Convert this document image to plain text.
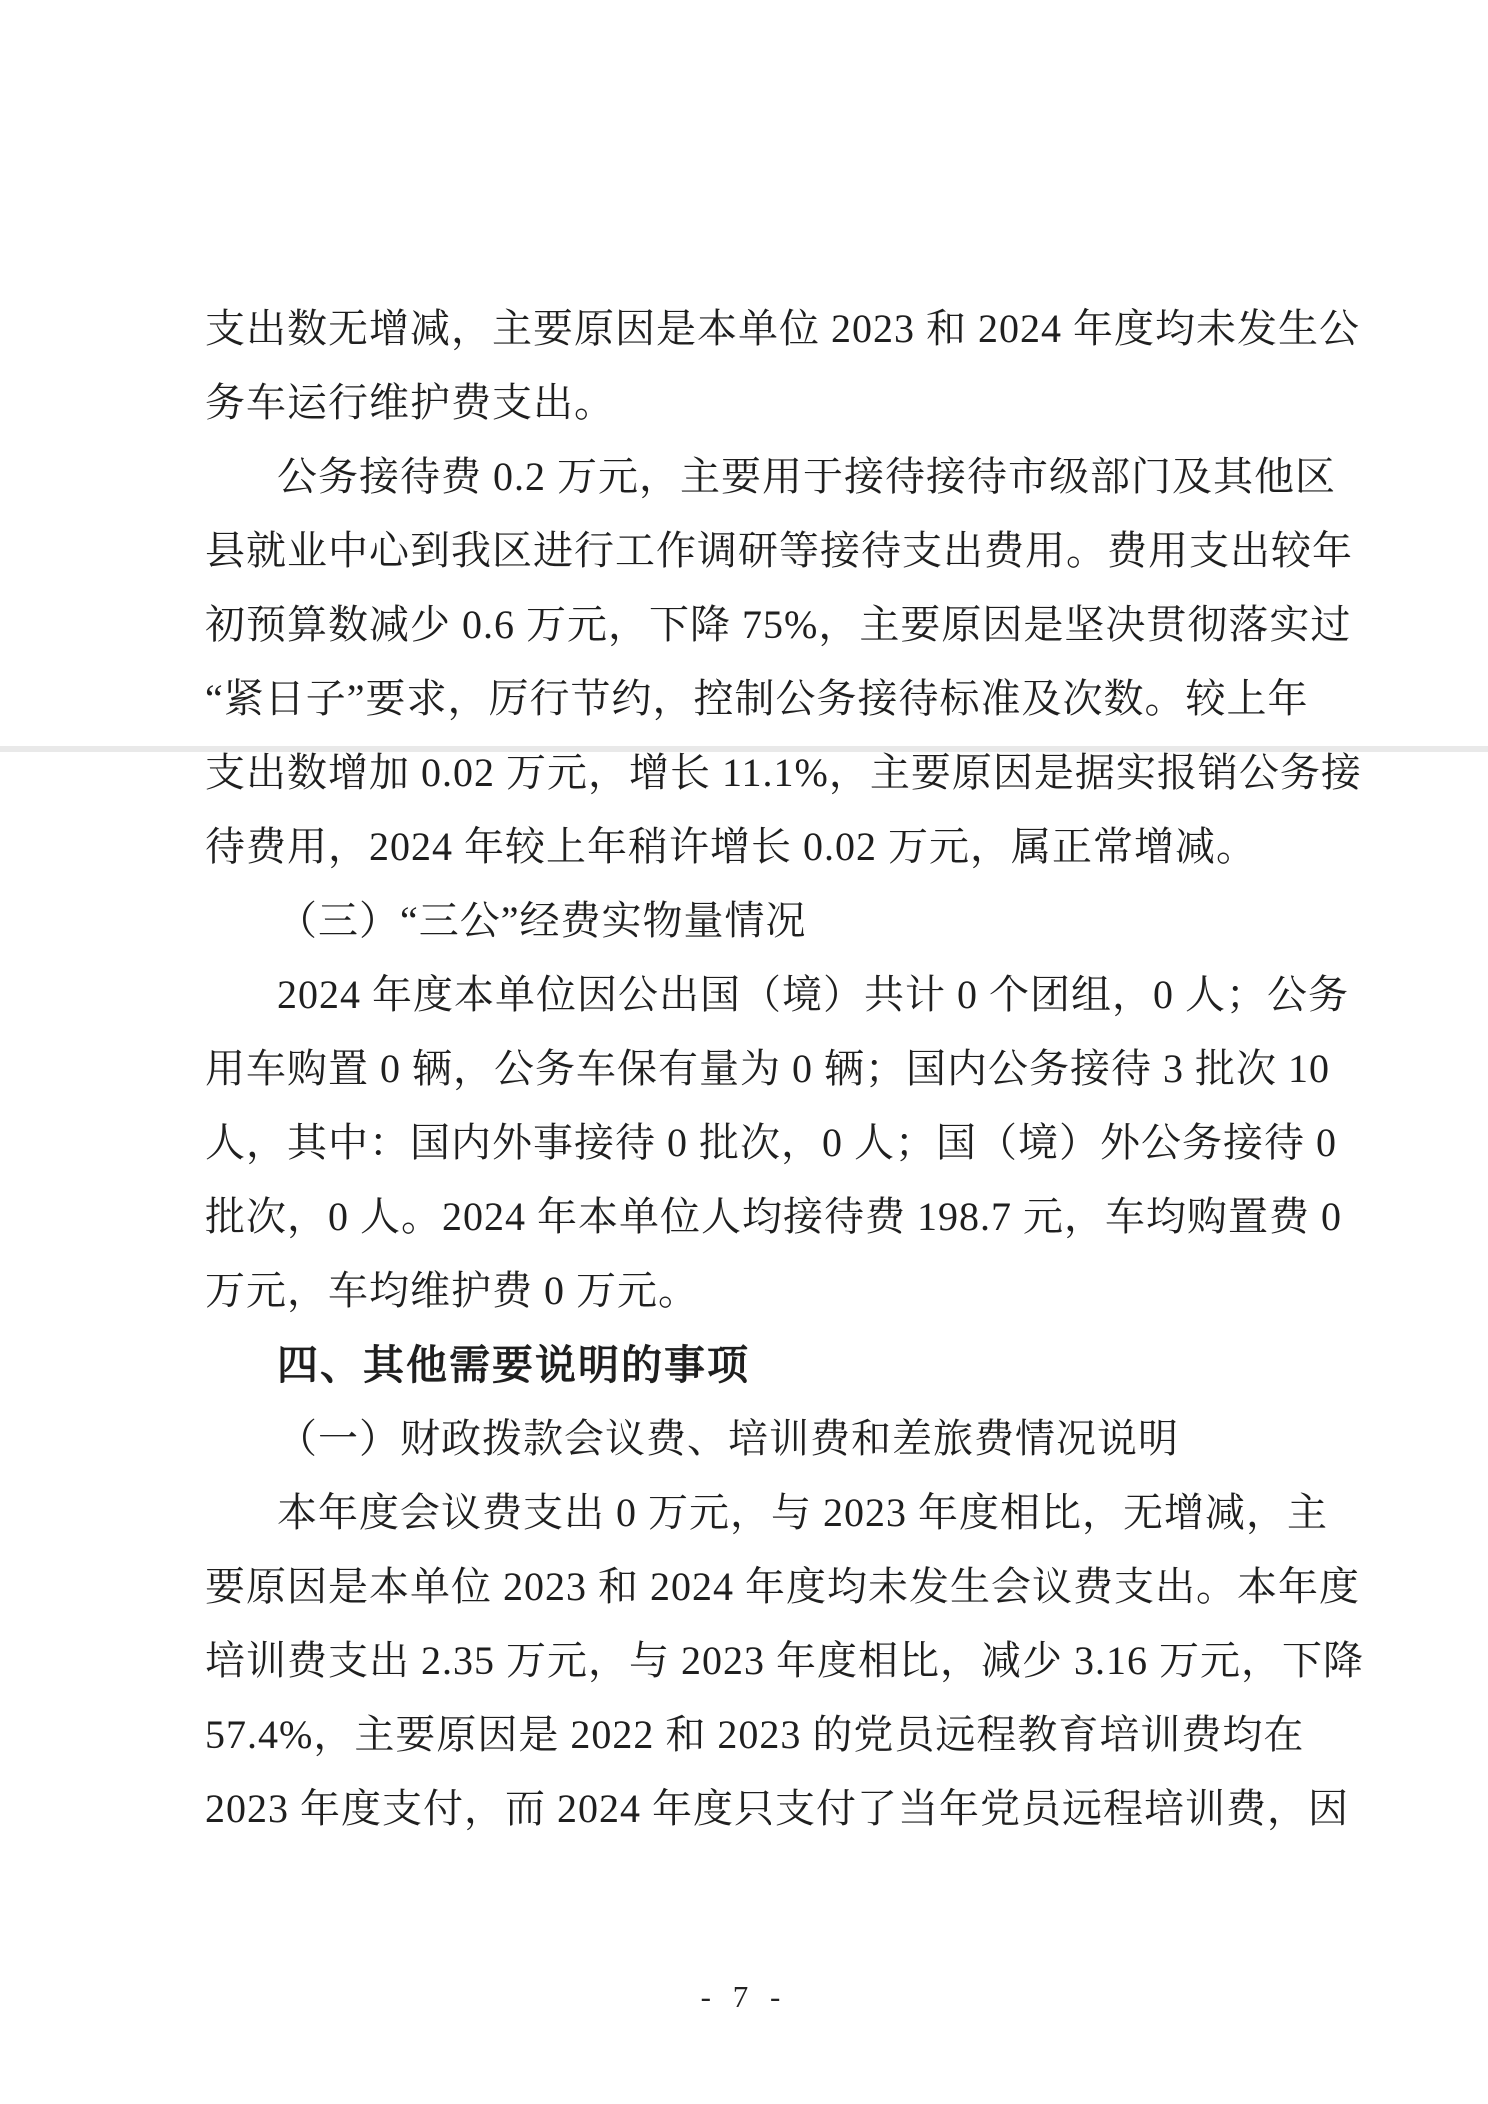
支出数无增减，主要原因是本单位 2023 和 2024 年度均未发生公
务车运行维护费支出。
公务接待费 0.2 万元，主要用于接待接待市级部门及其他区
县就业中心到我区进行工作调研等接待支出费用。费用支出较年
初预算数减少 0.6 万元，下降 75%，主要原因是坚决贯彻落实过
“紧日子”要求，厉行节约，控制公务接待标准及次数。较上年
支出数增加 0.02 万元，增长 11.1%，主要原因是据实报销公务接
待费用，2024 年较上年稍许增长 0.02 万元，属正常增减。
（三）“三公”经费实物量情况
2024 年度本单位因公出国（境）共计 0 个团组，0 人；公务
用车购置 0 辆，公务车保有量为 0 辆；国内公务接待 3 批次 10
人，其中：国内外事接待 0 批次，0 人；国（境）外公务接待 0
批次，0 人。2024 年本单位人均接待费 198.7 元，车均购置费 0
万元，车均维护费 0 万元。
四、其他需要说明的事项
（一）财政拨款会议费、培训费和差旅费情况说明
本年度会议费支出 0 万元，与 2023 年度相比，无增减，主
要原因是本单位 2023 和 2024 年度均未发生会议费支出。本年度
培训费支出 2.35 万元，与 2023 年度相比，减少 3.16 万元，下降
57.4%，主要原因是 2022 和 2023 的党员远程教育培训费均在
2023 年度支付，而 2024 年度只支付了当年党员远程培训费，因
- 7 -
